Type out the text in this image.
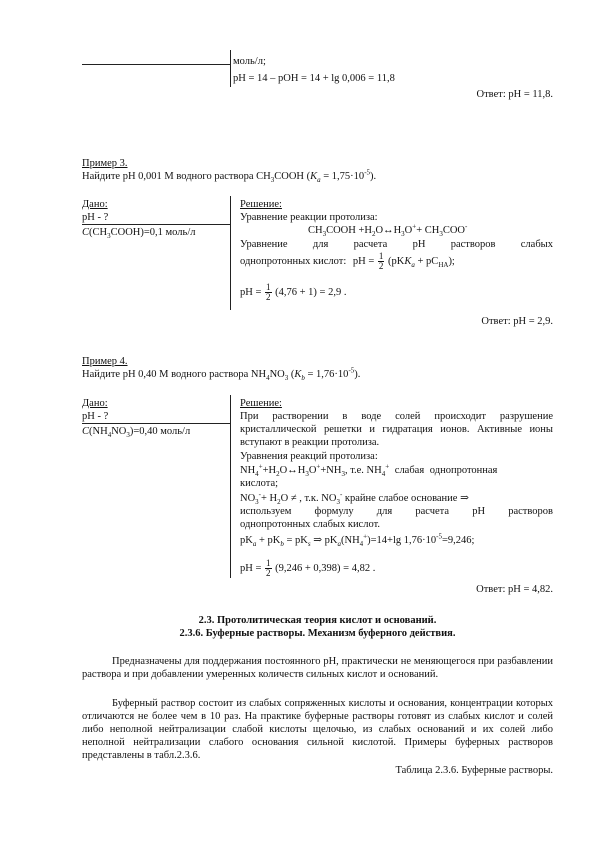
моль/л;
pH = 14 – pOH = 14 + lg 0,006 = 11,8
Ответ: pH = 11,8.
Пример 3.
Найдите pH 0,001 М водного раствора $CH_3COOH$ $(K_a = 1,75\cdot 10^{-5})$.
Дано:
pH - ?
$C(CH_3COOH)=0,1$ моль/л
Решение:
Уравнение реакции протолиза:
$CH_3COOH$ $+H_2O\leftrightarrow H_3O^++ CH_3COO^-$
Уравнение для расчета pH растворов слабых
однопротонных кислот: pH = $\frac{1}{2} (pKK_a + pC_{HA})$;
pH = $\frac{1}{2} (4,76 + 1) = 2,9$ .
Ответ: pH = 2,9.
Пример 4.
Найдите pH 0,40 М водного раствора $NH_4NO_3$ $(K_b = 1,76\cdot 10^{-5})$.
Дано:
pH - ?
$C(NH_4NO_3)=0,40$ моль/л
Решение:
При растворении в воде солей происходит разрушение кристаллической решетки и гидратация ионов. Активные ионы вступают в реакции протолиза.
Уравнения реакций протолиза:
$NH_4^++H_2O\leftrightarrow H_3O^++NH_3$, т.е. $NH_4^+$ слабая однопротонная
кислота;
$NO_3^-+ H_2O$ ≠ , т.к. $NO_3^-$ крайне слабое основание ⇒
используем формулу для расчета pH растворов
однопротонных слабых кислот.
$pK_a + pK_b = pK_s$ ⇒ $pK_a(NH_4^+)=14+\lg$ $1,76\cdot 10^{-5}=9,246$;
pH = $\frac{1}{2} (9,246 + 0,398) = 4,82$ .
Ответ: pH = 4,82.
2.3. Протолитическая теория кислот и оснований.
2.3.6. Буферные растворы. Механизм буферного действия.
Предназначены для поддержания постоянного pH, практически не меняющегося при разбавлении раствора и при добавлении умеренных количеств сильных кислот и оснований.
Буферный раствор состоит из слабых сопряженных кислоты и основания, концентрации которых отличаются не более чем в 10 раз. На практике буферные растворы готовят из слабых кислот и солей либо неполной нейтрализации слабой кислоты щелочью, из слабых оснований и их солей либо неполной нейтрализации слабого основания сильной кислотой. Примеры буферных растворов представлены в табл.2.3.6.
Таблица 2.3.6. Буферные растворы.
